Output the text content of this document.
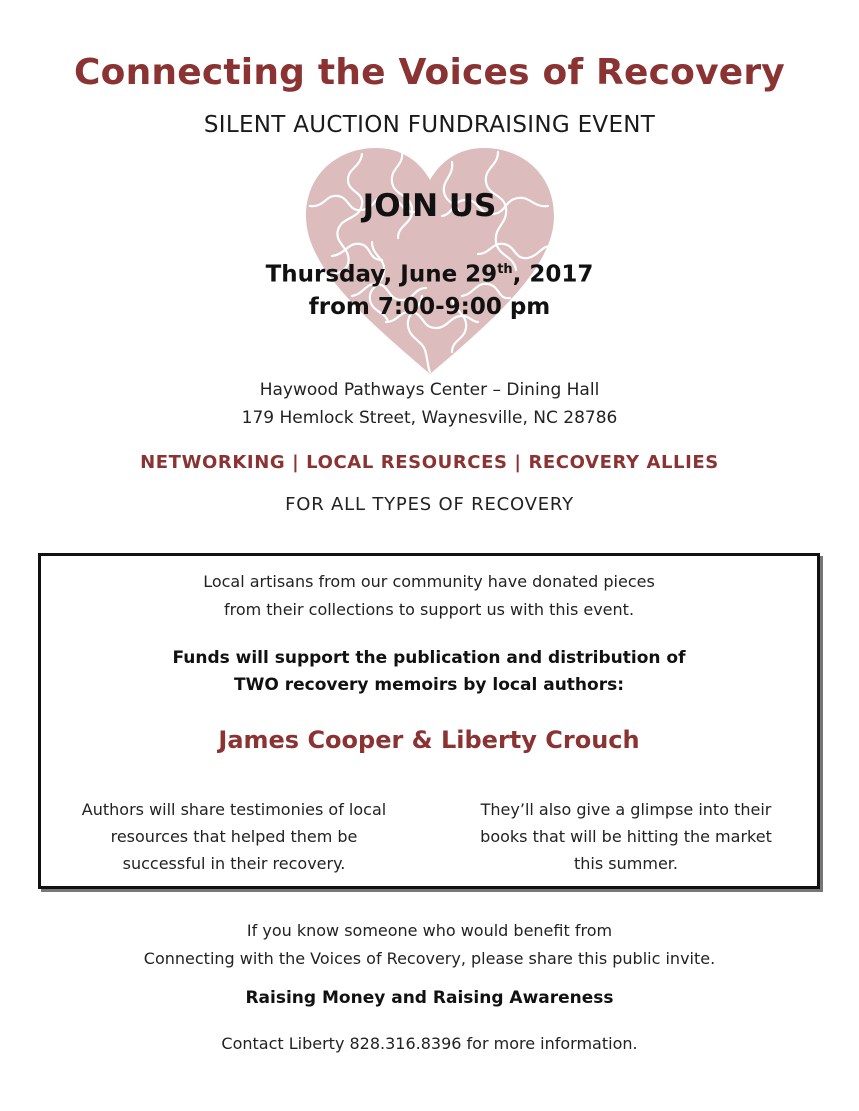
Connecting the Voices of Recovery
SILENT AUCTION FUNDRAISING EVENT
JOIN US
Thursday, June 29th, 2017
from 7:00-9:00 pm
Haywood Pathways Center – Dining Hall
179 Hemlock Street, Waynesville, NC 28786
NETWORKING | LOCAL RESOURCES | RECOVERY ALLIES
FOR ALL TYPES OF RECOVERY
Local artisans from our community have donated pieces
from their collections to support us with this event.
Funds will support the publication and distribution of
TWO recovery memoirs by local authors:
James Cooper & Liberty Crouch
Authors will share testimonies of local
resources that helped them be
successful in their recovery.
They’ll also give a glimpse into their
books that will be hitting the market
this summer.
If you know someone who would benefit from
Connecting with the Voices of Recovery, please share this public invite.
Raising Money and Raising Awareness
Contact Liberty 828.316.8396 for more information.
